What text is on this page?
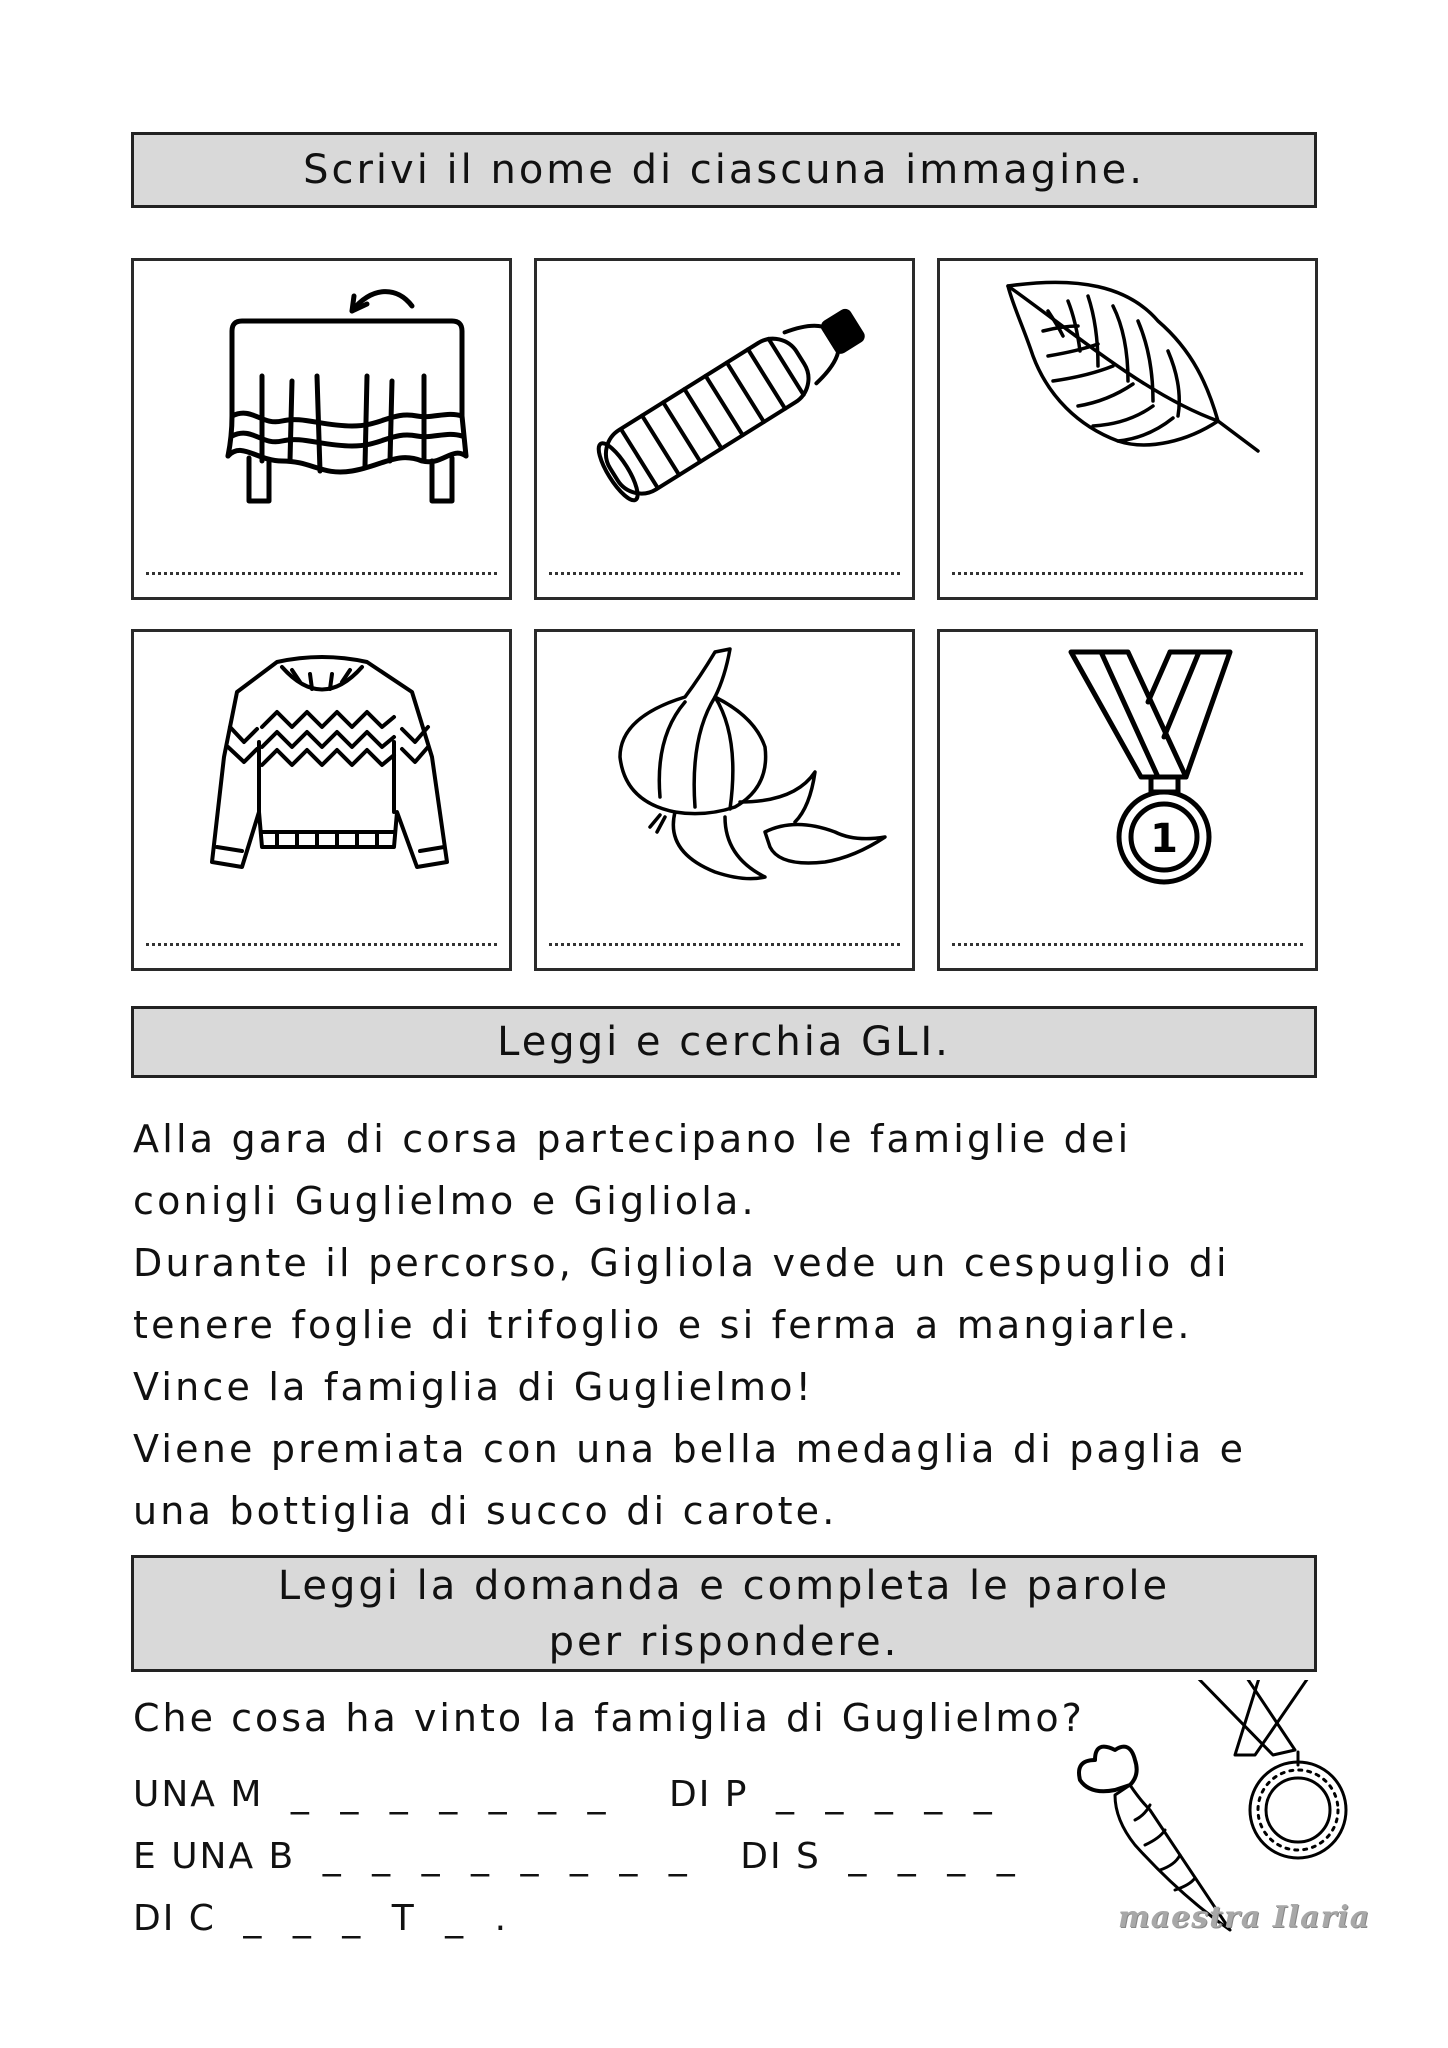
Scrivi il nome di ciascuna immagine.
1
Leggi e cerchia GLI.

Alla gara di corsa partecipano le famiglie dei

conigli Guglielmo e Gigliola.

Durante il percorso, Gigliola vede un cespuglio di

tenere foglie di trifoglio e si ferma a mangiarle.

Vince la famiglia di Guglielmo!

Viene premiata con una bella medaglia di paglia e

una bottiglia di succo di carote.

Leggi la domanda e completa le parole
per rispondere.
Che cosa ha vinto la famiglia di Guglielmo?
UNA M _ _ _ _ _ _ _ DI P _ _ _ _ _
E UNA B _ _ _ _ _ _ _ _ DI S _ _ _ _
DI C _ _ _ T _ .	maestra Ilaria
